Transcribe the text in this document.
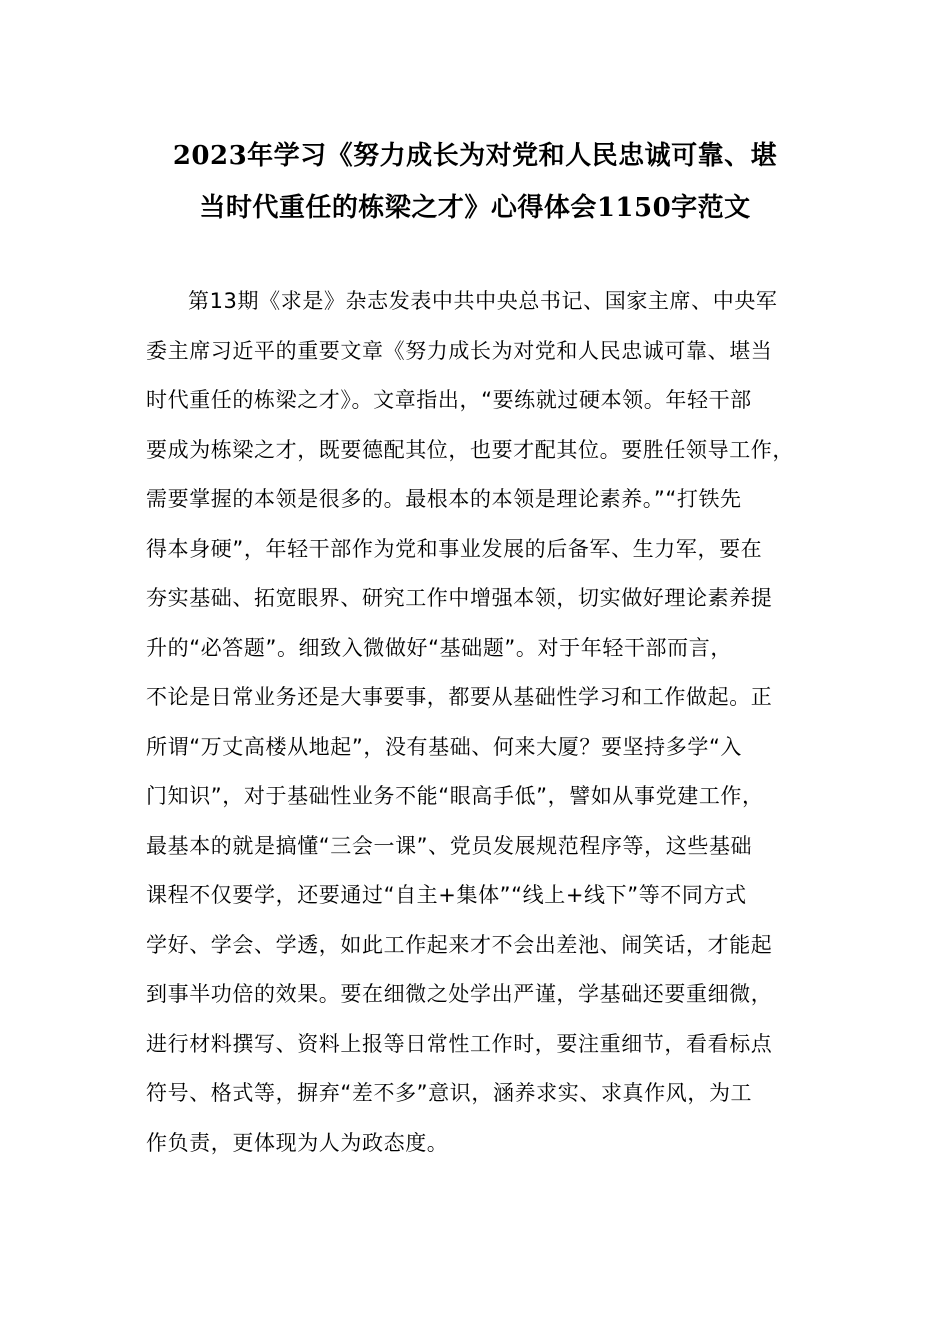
2023年学习《努力成长为对党和人民忠诚可靠、堪
当时代重任的栋梁之才》心得体会1150字范文

第13期《求是》杂志发表中共中央总书记、国家主席、中央军
委主席习近平的重要文章《努力成长为对党和人民忠诚可靠、堪当
时代重任的栋梁之才》。文章指出，“要练就过硬本领。年轻干部
要成为栋梁之才，既要德配其位，也要才配其位。要胜任领导工作，
需要掌握的本领是很多的。最根本的本领是理论素养。”“打铁先
得本身硬”，年轻干部作为党和事业发展的后备军、生力军，要在
夯实基础、拓宽眼界、研究工作中增强本领，切实做好理论素养提
升的“必答题”。细致入微做好“基础题”。对于年轻干部而言，
不论是日常业务还是大事要事，都要从基础性学习和工作做起。正
所谓“万丈高楼从地起”，没有基础、何来大厦？要坚持多学“入
门知识”，对于基础性业务不能“眼高手低”，譬如从事党建工作，
最基本的就是搞懂“三会一课”、党员发展规范程序等，这些基础
课程不仅要学，还要通过“自主+集体”“线上+线下”等不同方式
学好、学会、学透，如此工作起来才不会出差池、闹笑话，才能起
到事半功倍的效果。要在细微之处学出严谨，学基础还要重细微，
进行材料撰写、资料上报等日常性工作时，要注重细节，看看标点
符号、格式等，摒弃“差不多”意识，涵养求实、求真作风，为工
作负责，更体现为人为政态度。
